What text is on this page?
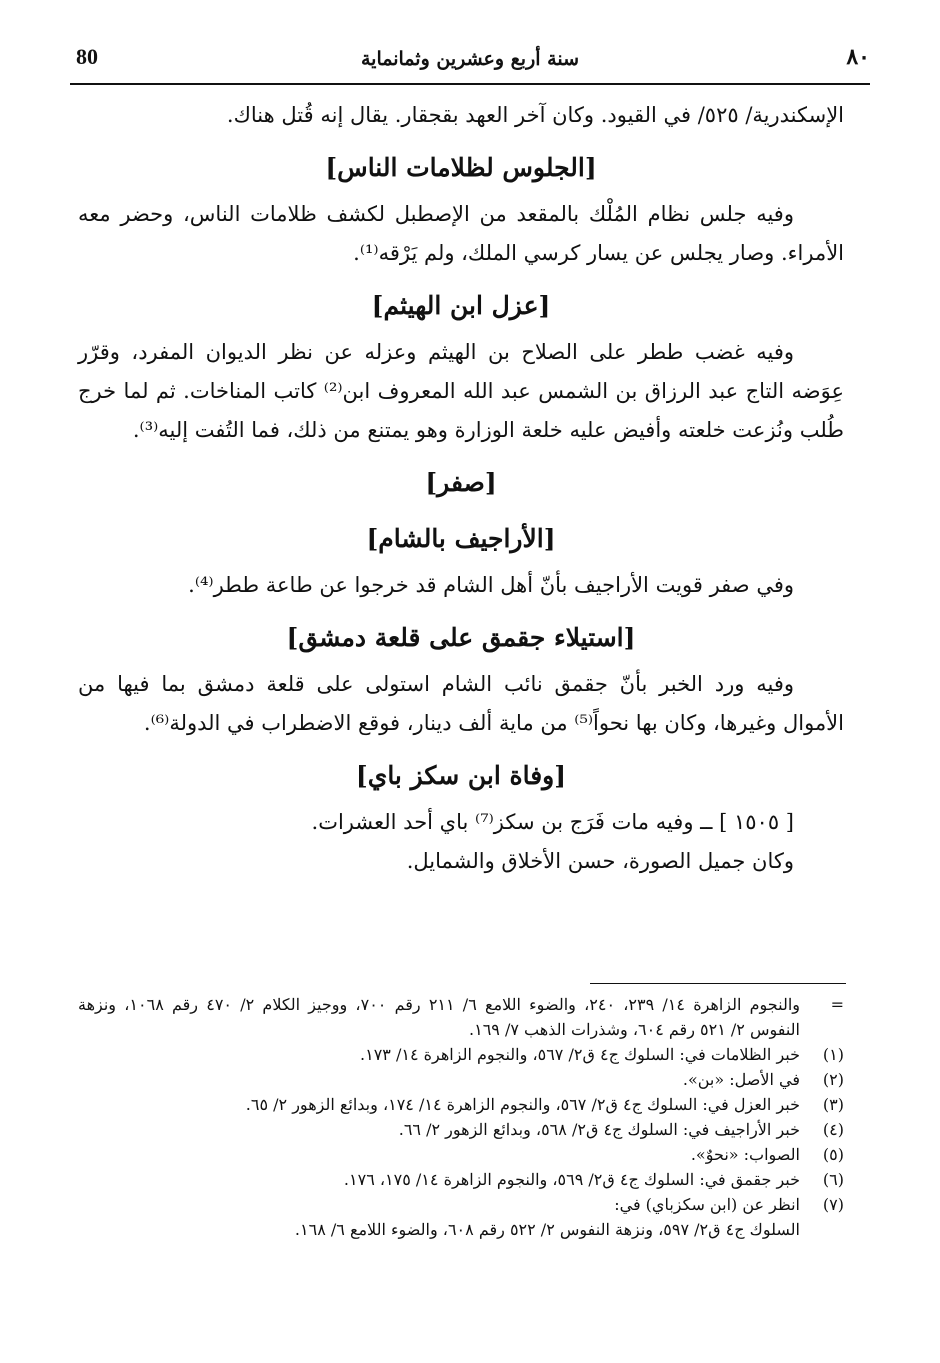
80	سنة أربع وعشرين وثمانماية	٨٠

الإسكندرية/ ٥٢٥/ في القيود. وكان آخر العهد بقجقار. يقال إنه قُتل هناك.

[الجلوس لظلامات الناس]

وفيه جلس نظام المُلْك بالمقعد من الإصطبل لكشف ظلامات الناس، وحضر معه الأمراء. وصار يجلس عن يسار كرسي الملك، ولم يَرْقه⁽¹⁾.

[عزل ابن الهيثم]

وفيه غضب ططر على الصلاح بن الهيثم وعزله عن نظر الديوان المفرد، وقرّر عِوَضه التاج عبد الرزاق بن الشمس عبد الله المعروف ابن⁽²⁾ كاتب المناخات. ثم لما خرج طُلب ونُزعت خلعته وأفيض عليه خلعة الوزارة وهو يمتنع من ذلك، فما التُفت إليه⁽³⁾.

[صفر]
[الأراجيف بالشام]

وفي صفر قويت الأراجيف بأنّ أهل الشام قد خرجوا عن طاعة ططر⁽⁴⁾.

[استيلاء جقمق على قلعة دمشق]

وفيه ورد الخبر بأنّ جقمق نائب الشام استولى على قلعة دمشق بما فيها من الأموال وغيرها، وكان بها نحواً⁽⁵⁾ من ماية ألف دينار، فوقع الاضطراب في الدولة⁽⁶⁾.

[وفاة ابن سكز باي]

[ ١٥٠٥ ] ــ وفيه مات فَرَج بن سكز⁽⁷⁾ باي أحد العشرات.

وكان جميل الصورة، حسن الأخلاق والشمايل.

=
والنجوم الزاهرة ١٤/ ٢٣٩، ٢٤٠، والضوء اللامع ٦/ ٢١١ رقم ٧٠٠، ووجيز الكلام ٢/ ٤٧٠ رقم ١٠٦٨، ونزهة النفوس ٢/ ٥٢١ رقم ٦٠٤، وشذرات الذهب ٧/ ١٦٩.
(١)
خبر الظلامات في: السلوك ج٤ ق٢/ ٥٦٧، والنجوم الزاهرة ١٤/ ١٧٣.
(٢)
في الأصل: «بن».
(٣)
خبر العزل في: السلوك ج٤ ق٢/ ٥٦٧، والنجوم الزاهرة ١٤/ ١٧٤، وبدائع الزهور ٢/ ٦٥.
(٤)
خبر الأراجيف في: السلوك ج٤ ق٢/ ٥٦٨، وبدائع الزهور ٢/ ٦٦.
(٥)
الصواب: «نحوٌ».
(٦)
خبر جقمق في: السلوك ج٤ ق٢/ ٥٦٩، والنجوم الزاهرة ١٤/ ١٧٥، ١٧٦.
(٧)
انظر عن (ابن سكزباي) في:
السلوك ج٤ ق٢/ ٥٩٧، ونزهة النفوس ٢/ ٥٢٢ رقم ٦٠٨، والضوء اللامع ٦/ ١٦٨.
